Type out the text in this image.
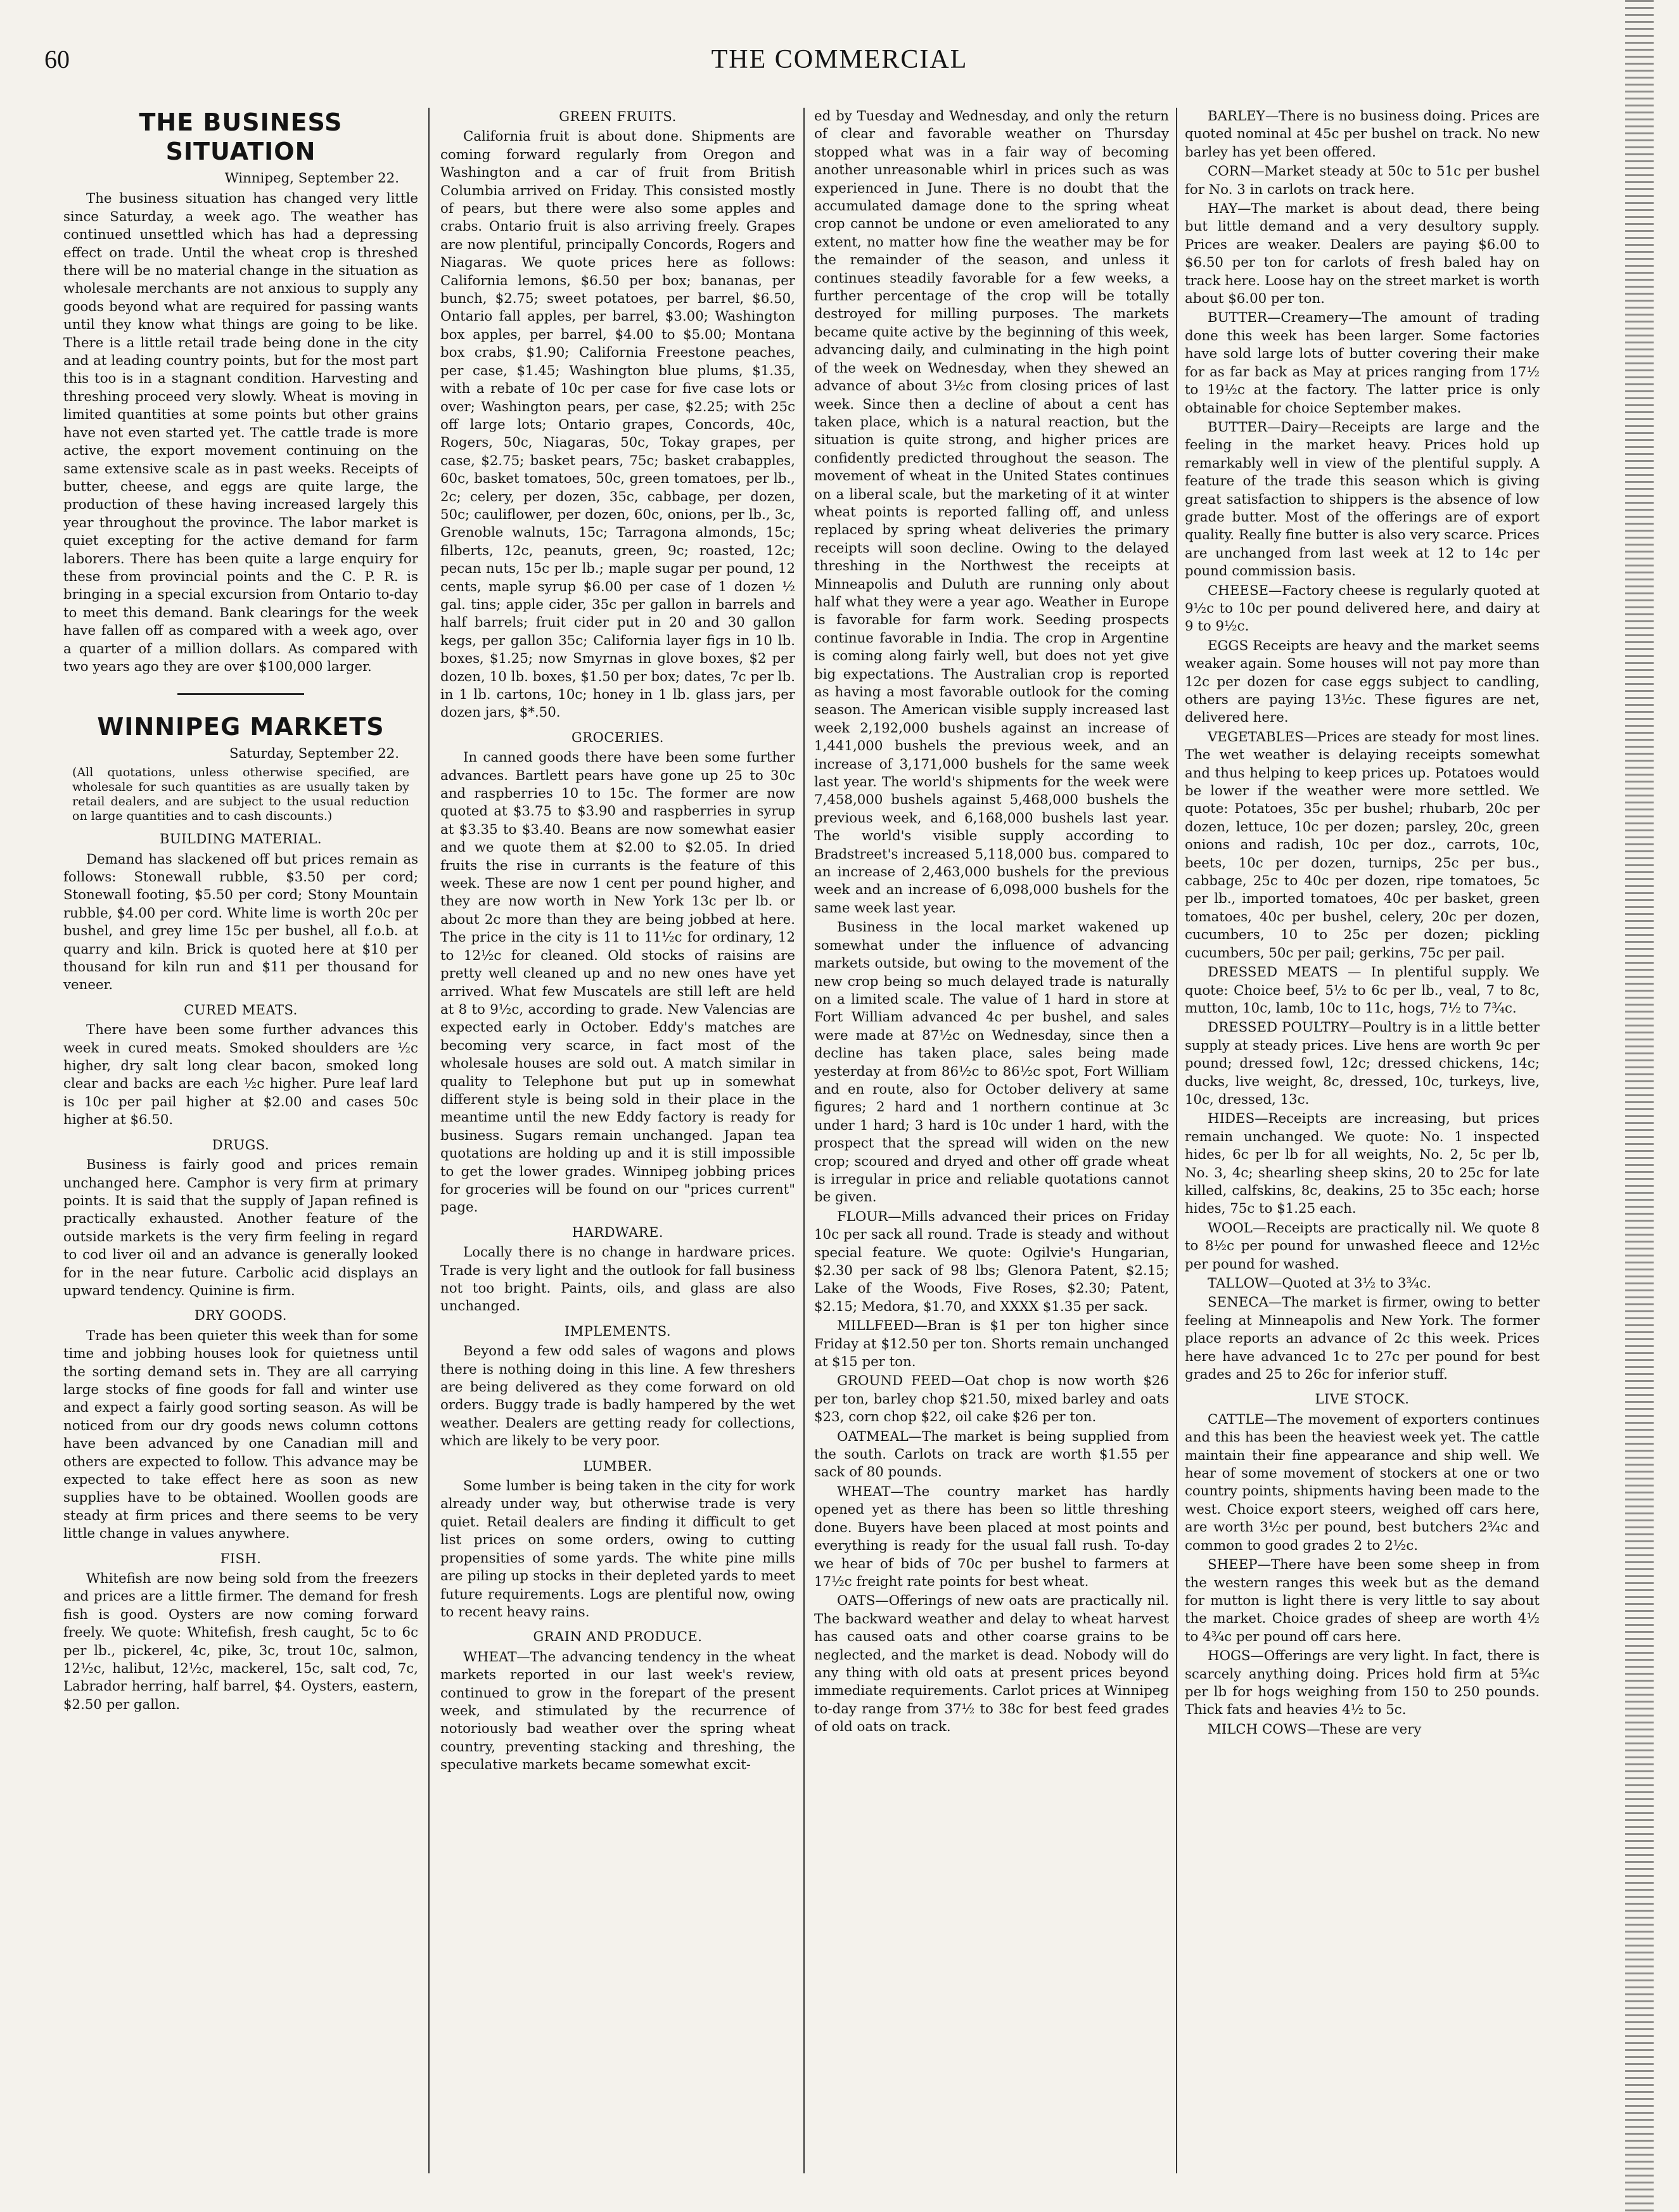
60	THE COMMERCIAL
THE BUSINESS SITUATION
Winnipeg, September 22.

The business situation has changed very little since Saturday, a week ago. The weather has continued unsettled which has had a depressing effect on trade. Until the wheat crop is threshed there will be no material change in the situation as wholesale merchants are not anxious to supply any goods beyond what are required for passing wants until they know what things are going to be like. There is a little retail trade being done in the city and at leading country points, but for the most part this too is in a stagnant condition. Harvesting and threshing proceed very slowly. Wheat is moving in limited quantities at some points but other grains have not even started yet. The cattle trade is more active, the export movement continuing on the same extensive scale as in past weeks. Receipts of butter, cheese, and eggs are quite large, the production of these having increased largely this year throughout the province. The labor market is quiet excepting for the active demand for farm laborers. There has been quite a large enquiry for these from provincial points and the C. P. R. is bringing in a special excursion from Ontario to-day to meet this demand. Bank clearings for the week have fallen off as compared with a week ago, over a quarter of a million dollars. As compared with two years ago they are over $100,000 larger.

WINNIPEG MARKETS
Saturday, September 22.
(All quotations, unless otherwise specified, are wholesale for such quantities as are usually taken by retail dealers, and are subject to the usual reduction on large quantities and to cash discounts.)
BUILDING MATERIAL.

Demand has slackened off but prices remain as follows: Stonewall rubble, $3.50 per cord; Stonewall footing, $5.50 per cord; Stony Mountain rubble, $4.00 per cord. White lime is worth 20c per bushel, and grey lime 15c per bushel, all f.o.b. at quarry and kiln. Brick is quoted here at $10 per thousand for kiln run and $11 per thousand for veneer.

CURED MEATS.

There have been some further advances this week in cured meats. Smoked shoulders are ½c higher, dry salt long clear bacon, smoked long clear and backs are each ½c higher. Pure leaf lard is 10c per pail higher at $2.00 and cases 50c higher at $6.50.

DRUGS.

Business is fairly good and prices remain unchanged here. Camphor is very firm at primary points. It is said that the supply of Japan refined is practically exhausted. Another feature of the outside markets is the very firm feeling in regard to cod liver oil and an advance is generally looked for in the near future. Carbolic acid displays an upward tendency. Quinine is firm.

DRY GOODS.

Trade has been quieter this week than for some time and jobbing houses look for quietness until the sorting demand sets in. They are all carrying large stocks of fine goods for fall and winter use and expect a fairly good sorting season. As will be noticed from our dry goods news column cottons have been advanced by one Canadian mill and others are expected to follow. This advance may be expected to take effect here as soon as new supplies have to be obtained. Woollen goods are steady at firm prices and there seems to be very little change in values anywhere.

FISH.

Whitefish are now being sold from the freezers and prices are a little firmer. The demand for fresh fish is good. Oysters are now coming forward freely. We quote: Whitefish, fresh caught, 5c to 6c per lb., pickerel, 4c, pike, 3c, trout 10c, salmon, 12½c, halibut, 12½c, mackerel, 15c, salt cod, 7c, Labrador herring, half barrel, $4. Oysters, eastern, $2.50 per gallon.

GREEN FRUITS.

California fruit is about done. Shipments are coming forward regularly from Oregon and Washington and a car of fruit from British Columbia arrived on Friday. This consisted mostly of pears, but there were also some apples and crabs. Ontario fruit is also arriving freely. Grapes are now plentiful, principally Concords, Rogers and Niagaras. We quote prices here as follows: California lemons, $6.50 per box; bananas, per bunch, $2.75; sweet potatoes, per barrel, $6.50, Ontario fall apples, per barrel, $3.00; Washington box apples, per barrel, $4.00 to $5.00; Montana box crabs, $1.90; California Freestone peaches, per case, $1.45; Washington blue plums, $1.35, with a rebate of 10c per case for five case lots or over; Washington pears, per case, $2.25; with 25c off large lots; Ontario grapes, Concords, 40c, Rogers, 50c, Niagaras, 50c, Tokay grapes, per case, $2.75; basket pears, 75c; basket crabapples, 60c, basket tomatoes, 50c, green tomatoes, per lb., 2c; celery, per dozen, 35c, cabbage, per dozen, 50c; cauliflower, per dozen, 60c, onions, per lb., 3c, Grenoble walnuts, 15c; Tarragona almonds, 15c; filberts, 12c, peanuts, green, 9c; roasted, 12c; pecan nuts, 15c per lb.; maple sugar per pound, 12 cents, maple syrup $6.00 per case of 1 dozen ½ gal. tins; apple cider, 35c per gallon in barrels and half barrels; fruit cider put in 20 and 30 gallon kegs, per gallon 35c; California layer figs in 10 lb. boxes, $1.25; now Smyrnas in glove boxes, $2 per dozen, 10 lb. boxes, $1.50 per box; dates, 7c per lb. in 1 lb. cartons, 10c; honey in 1 lb. glass jars, per dozen jars, $*.50.

GROCERIES.

In canned goods there have been some further advances. Bartlett pears have gone up 25 to 30c and raspberries 10 to 15c. The former are now quoted at $3.75 to $3.90 and raspberries in syrup at $3.35 to $3.40. Beans are now somewhat easier and we quote them at $2.00 to $2.05. In dried fruits the rise in currants is the feature of this week. These are now 1 cent per pound higher, and they are now worth in New York 13c per lb. or about 2c more than they are being jobbed at here. The price in the city is 11 to 11½c for ordinary, 12 to 12½c for cleaned. Old stocks of raisins are pretty well cleaned up and no new ones have yet arrived. What few Muscatels are still left are held at 8 to 9½c, according to grade. New Valencias are expected early in October. Eddy's matches are becoming very scarce, in fact most of the wholesale houses are sold out. A match similar in quality to Telephone but put up in somewhat different style is being sold in their place in the meantime until the new Eddy factory is ready for business. Sugars remain unchanged. Japan tea quotations are holding up and it is still impossible to get the lower grades. Winnipeg jobbing prices for groceries will be found on our "prices current" page.

HARDWARE.

Locally there is no change in hardware prices. Trade is very light and the outlook for fall business not too bright. Paints, oils, and glass are also unchanged.

IMPLEMENTS.

Beyond a few odd sales of wagons and plows there is nothing doing in this line. A few threshers are being delivered as they come forward on old orders. Buggy trade is badly hampered by the wet weather. Dealers are getting ready for collections, which are likely to be very poor.

LUMBER.

Some lumber is being taken in the city for work already under way, but otherwise trade is very quiet. Retail dealers are finding it difficult to get list prices on some orders, owing to cutting propensities of some yards. The white pine mills are piling up stocks in their depleted yards to meet future requirements. Logs are plentiful now, owing to recent heavy rains.

GRAIN AND PRODUCE.

WHEAT—The advancing tendency in the wheat markets reported in our last week's review, continued to grow in the forepart of the present week, and stimulated by the recurrence of notoriously bad weather over the spring wheat country, preventing stacking and threshing, the speculative markets became somewhat excit-

ed by Tuesday and Wednesday, and only the return of clear and favorable weather on Thursday stopped what was in a fair way of becoming another unreasonable whirl in prices such as was experienced in June. There is no doubt that the accumulated damage done to the spring wheat crop cannot be undone or even ameliorated to any extent, no matter how fine the weather may be for the remainder of the season, and unless it continues steadily favorable for a few weeks, a further percentage of the crop will be totally destroyed for milling purposes. The markets became quite active by the beginning of this week, advancing daily, and culminating in the high point of the week on Wednesday, when they shewed an advance of about 3½c from closing prices of last week. Since then a decline of about a cent has taken place, which is a natural reaction, but the situation is quite strong, and higher prices are confidently predicted throughout the season. The movement of wheat in the United States continues on a liberal scale, but the marketing of it at winter wheat points is reported falling off, and unless replaced by spring wheat deliveries the primary receipts will soon decline. Owing to the delayed threshing in the Northwest the receipts at Minneapolis and Duluth are running only about half what they were a year ago. Weather in Europe is favorable for farm work. Seeding prospects continue favorable in India. The crop in Argentine is coming along fairly well, but does not yet give big expectations. The Australian crop is reported as having a most favorable outlook for the coming season. The American visible supply increased last week 2,192,000 bushels against an increase of 1,441,000 bushels the previous week, and an increase of 3,171,000 bushels for the same week last year. The world's shipments for the week were 7,458,000 bushels against 5,468,000 bushels the previous week, and 6,168,000 bushels last year. The world's visible supply according to Bradstreet's increased 5,118,000 bus. compared to an increase of 2,463,000 bushels for the previous week and an increase of 6,098,000 bushels for the same week last year.

Business in the local market wakened up somewhat under the influence of advancing markets outside, but owing to the movement of the new crop being so much delayed trade is naturally on a limited scale. The value of 1 hard in store at Fort William advanced 4c per bushel, and sales were made at 87½c on Wednesday, since then a decline has taken place, sales being made yesterday at from 86½c to 86½c spot, Fort William and en route, also for October delivery at same figures; 2 hard and 1 northern continue at 3c under 1 hard; 3 hard is 10c under 1 hard, with the prospect that the spread will widen on the new crop; scoured and dryed and other off grade wheat is irregular in price and reliable quotations cannot be given.

FLOUR—Mills advanced their prices on Friday 10c per sack all round. Trade is steady and without special feature. We quote: Ogilvie's Hungarian, $2.30 per sack of 98 lbs; Glenora Patent, $2.15; Lake of the Woods, Five Roses, $2.30; Patent, $2.15; Medora, $1.70, and XXXX $1.35 per sack.

MILLFEED—Bran is $1 per ton higher since Friday at $12.50 per ton. Shorts remain unchanged at $15 per ton.

GROUND FEED—Oat chop is now worth $26 per ton, barley chop $21.50, mixed barley and oats $23, corn chop $22, oil cake $26 per ton.

OATMEAL—The market is being supplied from the south. Carlots on track are worth $1.55 per sack of 80 pounds.

WHEAT—The country market has hardly opened yet as there has been so little threshing done. Buyers have been placed at most points and everything is ready for the usual fall rush. To-day we hear of bids of 70c per bushel to farmers at 17½c freight rate points for best wheat.

OATS—Offerings of new oats are practically nil. The backward weather and delay to wheat harvest has caused oats and other coarse grains to be neglected, and the market is dead. Nobody will do any thing with old oats at present prices beyond immediate requirements. Carlot prices at Winnipeg to-day range from 37½ to 38c for best feed grades of old oats on track.

BARLEY—There is no business doing. Prices are quoted nominal at 45c per bushel on track. No new barley has yet been offered.

CORN—Market steady at 50c to 51c per bushel for No. 3 in carlots on track here.

HAY—The market is about dead, there being but little demand and a very desultory supply. Prices are weaker. Dealers are paying $6.00 to $6.50 per ton for carlots of fresh baled hay on track here. Loose hay on the street market is worth about $6.00 per ton.

BUTTER—Creamery—The amount of trading done this week has been larger. Some factories have sold large lots of butter covering their make for as far back as May at prices ranging from 17½ to 19½c at the factory. The latter price is only obtainable for choice September makes.

BUTTER—Dairy—Receipts are large and the feeling in the market heavy. Prices hold up remarkably well in view of the plentiful supply. A feature of the trade this season which is giving great satisfaction to shippers is the absence of low grade butter. Most of the offerings are of export quality. Really fine butter is also very scarce. Prices are unchanged from last week at 12 to 14c per pound commission basis.

CHEESE—Factory cheese is regularly quoted at 9½c to 10c per pound delivered here, and dairy at 9 to 9½c.

EGGS Receipts are heavy and the market seems weaker again. Some houses will not pay more than 12c per dozen for case eggs subject to candling, others are paying 13½c. These figures are net, delivered here.

VEGETABLES—Prices are steady for most lines. The wet weather is delaying receipts somewhat and thus helping to keep prices up. Potatoes would be lower if the weather were more settled. We quote: Potatoes, 35c per bushel; rhubarb, 20c per dozen, lettuce, 10c per dozen; parsley, 20c, green onions and radish, 10c per doz., carrots, 10c, beets, 10c per dozen, turnips, 25c per bus., cabbage, 25c to 40c per dozen, ripe tomatoes, 5c per lb., imported tomatoes, 40c per basket, green tomatoes, 40c per bushel, celery, 20c per dozen, cucumbers, 10 to 25c per dozen; pickling cucumbers, 50c per pail; gerkins, 75c per pail.

DRESSED MEATS — In plentiful supply. We quote: Choice beef, 5½ to 6c per lb., veal, 7 to 8c, mutton, 10c, lamb, 10c to 11c, hogs, 7½ to 7¾c.

DRESSED POULTRY—Poultry is in a little better supply at steady prices. Live hens are worth 9c per pound; dressed fowl, 12c; dressed chickens, 14c; ducks, live weight, 8c, dressed, 10c, turkeys, live, 10c, dressed, 13c.

HIDES—Receipts are increasing, but prices remain unchanged. We quote: No. 1 inspected hides, 6c per lb for all weights, No. 2, 5c per lb, No. 3, 4c; shearling sheep skins, 20 to 25c for late killed, calfskins, 8c, deakins, 25 to 35c each; horse hides, 75c to $1.25 each.

WOOL—Receipts are practically nil. We quote 8 to 8½c per pound for unwashed fleece and 12½c per pound for washed.

TALLOW—Quoted at 3½ to 3¾c.

SENECA—The market is firmer, owing to better feeling at Minneapolis and New York. The former place reports an advance of 2c this week. Prices here have advanced 1c to 27c per pound for best grades and 25 to 26c for inferior stuff.

LIVE STOCK.

CATTLE—The movement of exporters continues and this has been the heaviest week yet. The cattle maintain their fine appearance and ship well. We hear of some movement of stockers at one or two country points, shipments having been made to the west. Choice export steers, weighed off cars here, are worth 3½c per pound, best butchers 2¾c and common to good grades 2 to 2½c.

SHEEP—There have been some sheep in from the western ranges this week but as the demand for mutton is light there is very little to say about the market. Choice grades of sheep are worth 4½ to 4¾c per pound off cars here.

HOGS—Offerings are very light. In fact, there is scarcely anything doing. Prices hold firm at 5¾c per lb for hogs weighing from 150 to 250 pounds. Thick fats and heavies 4½ to 5c.

MILCH COWS—These are very
